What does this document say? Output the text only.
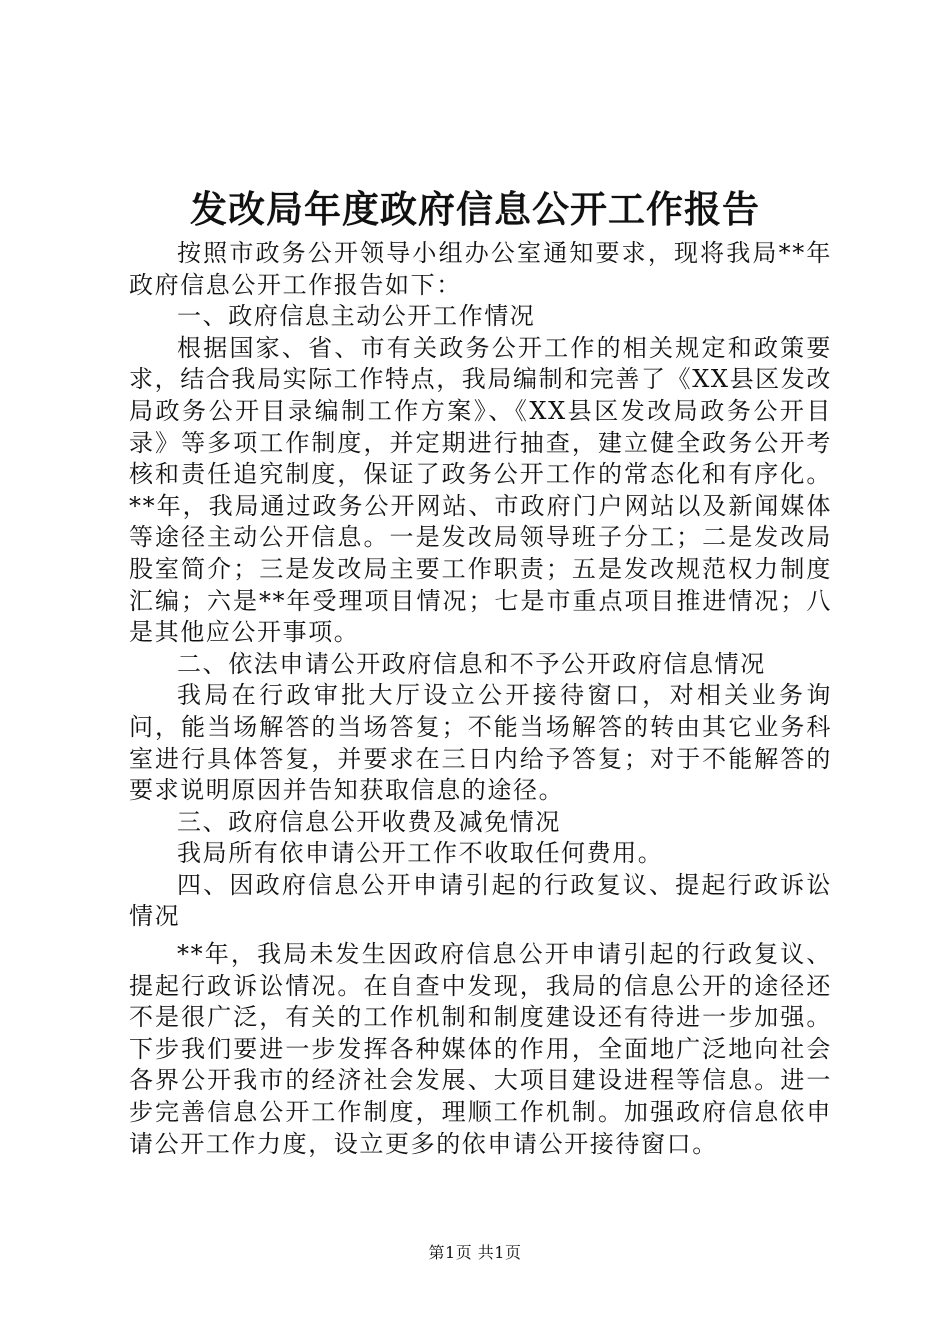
发改局年度政府信息公开工作报告

按照市政务公开领导小组办公室通知要求，现将我局**年政府信息公开工作报告如下：

一、政府信息主动公开工作情况

根据国家、省、市有关政务公开工作的相关规定和政策要求，结合我局实际工作特点，我局编制和完善了《XX县区发改局政务公开目录编制工作方案》、《XX县区发改局政务公开目录》等多项工作制度，并定期进行抽查，建立健全政务公开考核和责任追究制度，保证了政务公开工作的常态化和有序化。**年，我局通过政务公开网站、市政府门户网站以及新闻媒体等途径主动公开信息。一是发改局领导班子分工；二是发改局股室简介；三是发改局主要工作职责；五是发改规范权力制度汇编；六是**年受理项目情况；七是市重点项目推进情况；八是其他应公开事项。

二、依法申请公开政府信息和不予公开政府信息情况

我局在行政审批大厅设立公开接待窗口，对相关业务询问，能当场解答的当场答复；不能当场解答的转由其它业务科室进行具体答复，并要求在三日内给予答复；对于不能解答的要求说明原因并告知获取信息的途径。

三、政府信息公开收费及减免情况

我局所有依申请公开工作不收取任何费用。

四、因政府信息公开申请引起的行政复议、提起行政诉讼情况

**年，我局未发生因政府信息公开申请引起的行政复议、提起行政诉讼情况。在自查中发现，我局的信息公开的途径还不是很广泛，有关的工作机制和制度建设还有待进一步加强。下步我们要进一步发挥各种媒体的作用，全面地广泛地向社会各界公开我市的经济社会发展、大项目建设进程等信息。进一步完善信息公开工作制度，理顺工作机制。加强政府信息依申请公开工作力度，设立更多的依申请公开接待窗口。

第1页 共1页
